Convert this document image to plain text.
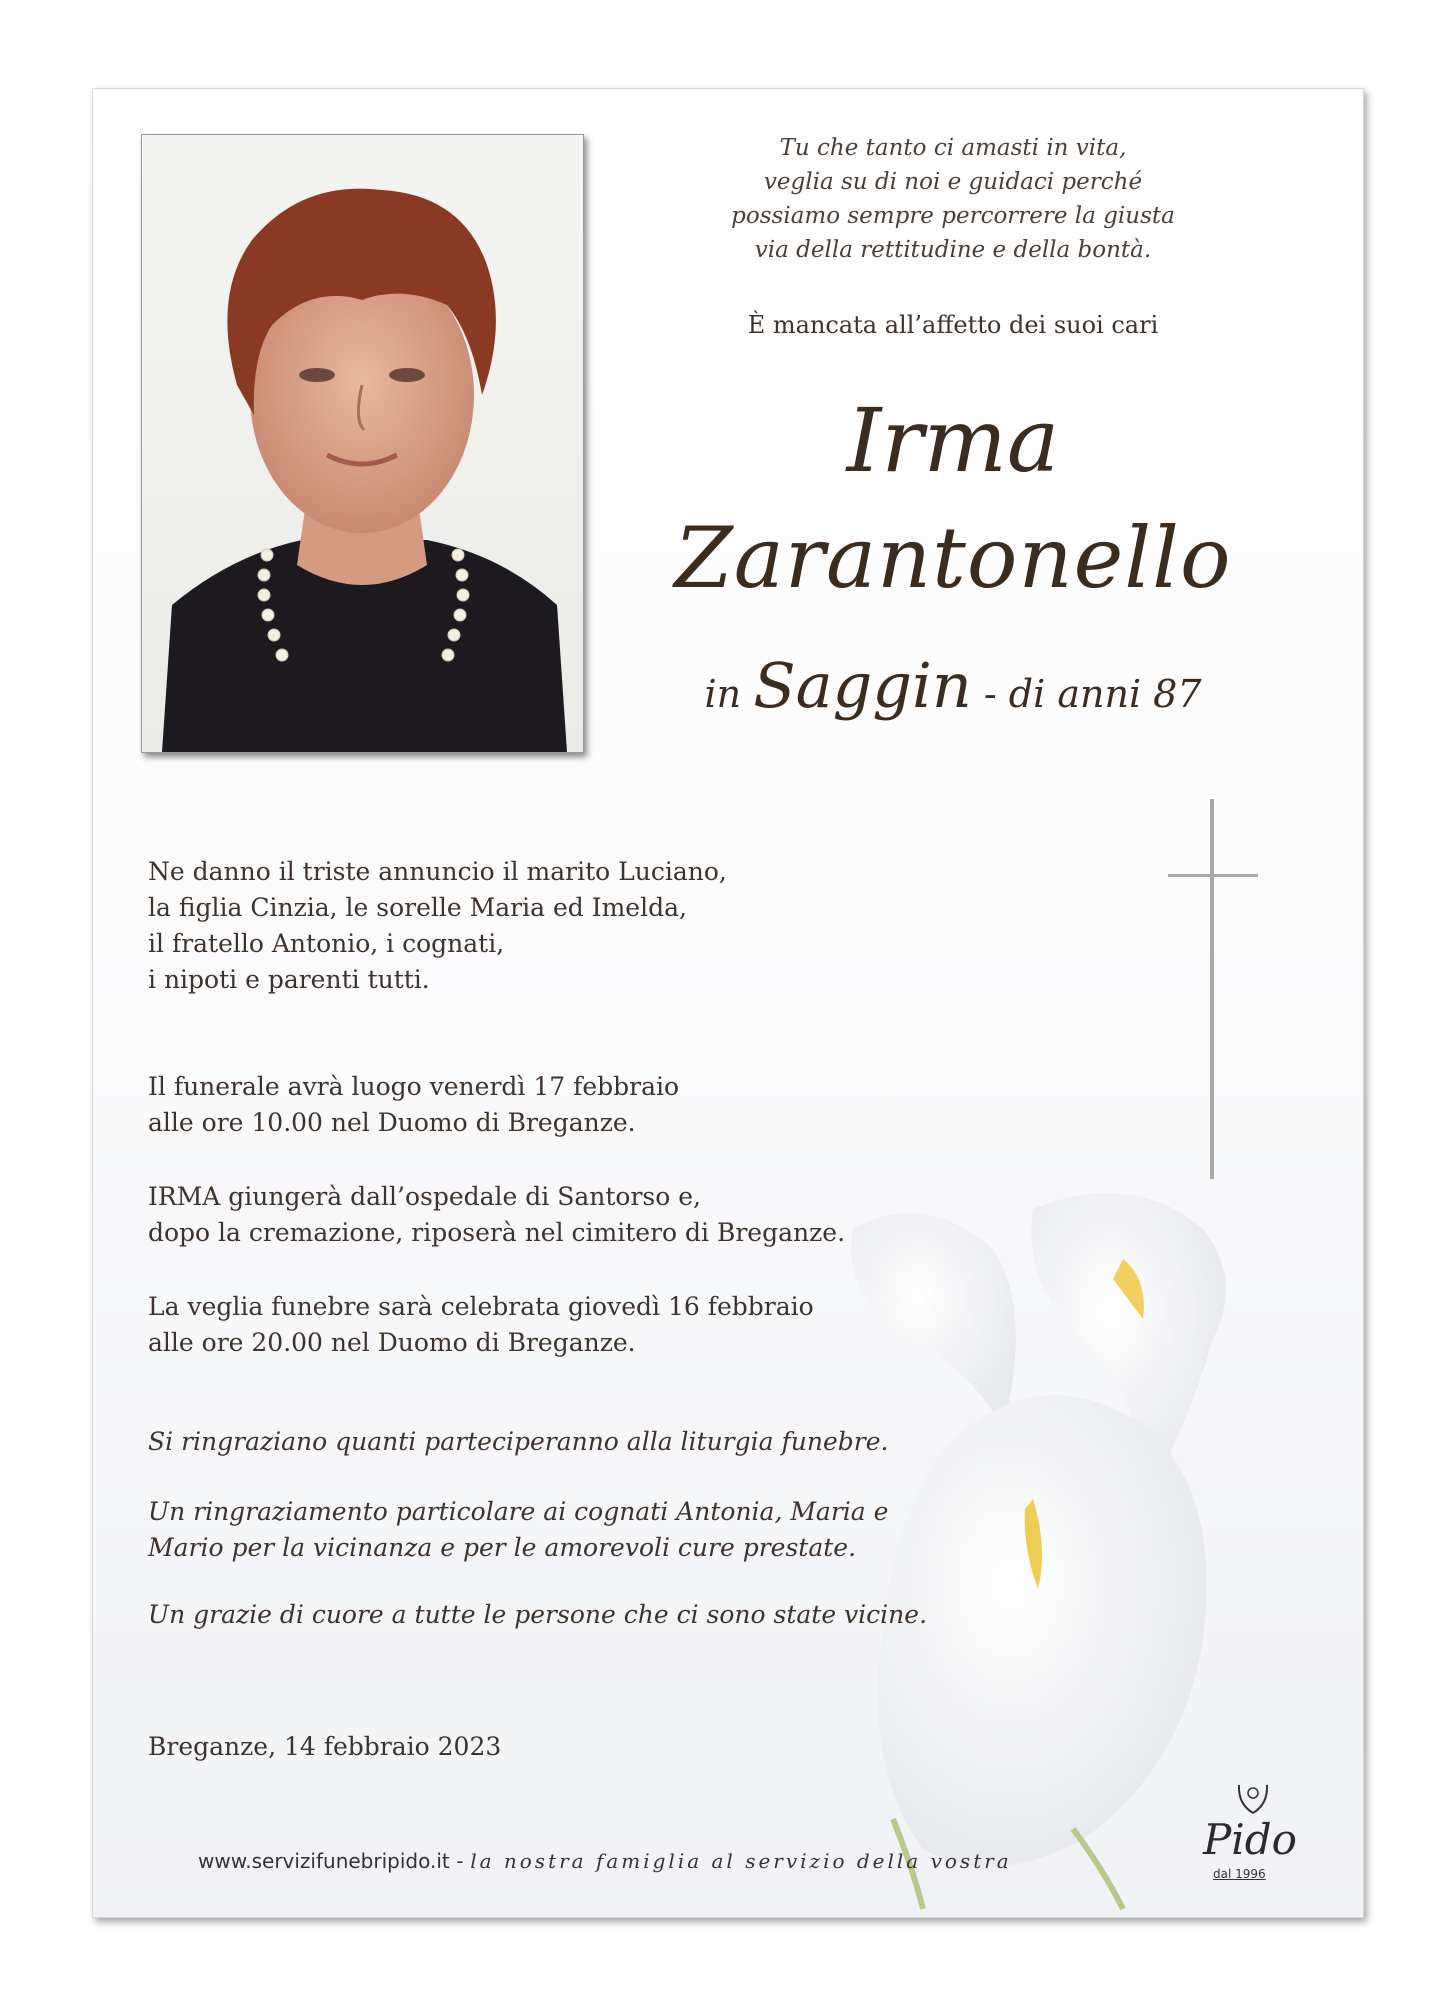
Tu che tanto ci amasti in vita,
veglia su di noi e guidaci perché
possiamo sempre percorrere la giusta
via della rettitudine e della bontà.
È mancata all’affetto dei suoi cari
Irma
Zarantonello
in Saggin - di anni 87
Ne danno il triste annuncio il marito Luciano,
la figlia Cinzia, le sorelle Maria ed Imelda,
il fratello Antonio, i cognati,
i nipoti e parenti tutti.
Il funerale avrà luogo venerdì 17 febbraio
alle ore 10.00 nel Duomo di Breganze.
IRMA giungerà dall’ospedale di Santorso e,
dopo la cremazione, riposerà nel cimitero di Breganze.
La veglia funebre sarà celebrata giovedì 16 febbraio
alle ore 20.00 nel Duomo di Breganze.
Si ringraziano quanti parteciperanno alla liturgia funebre.
Un ringraziamento particolare ai cognati Antonia, Maria e
Mario per la vicinanza e per le amorevoli cure prestate.
Un grazie di cuore a tutte le persone che ci sono state vicine.
Breganze, 14 febbraio 2023
www.servizifunebripido.it - la nostra famiglia al servizio della vostra	Pido
dal 1996
